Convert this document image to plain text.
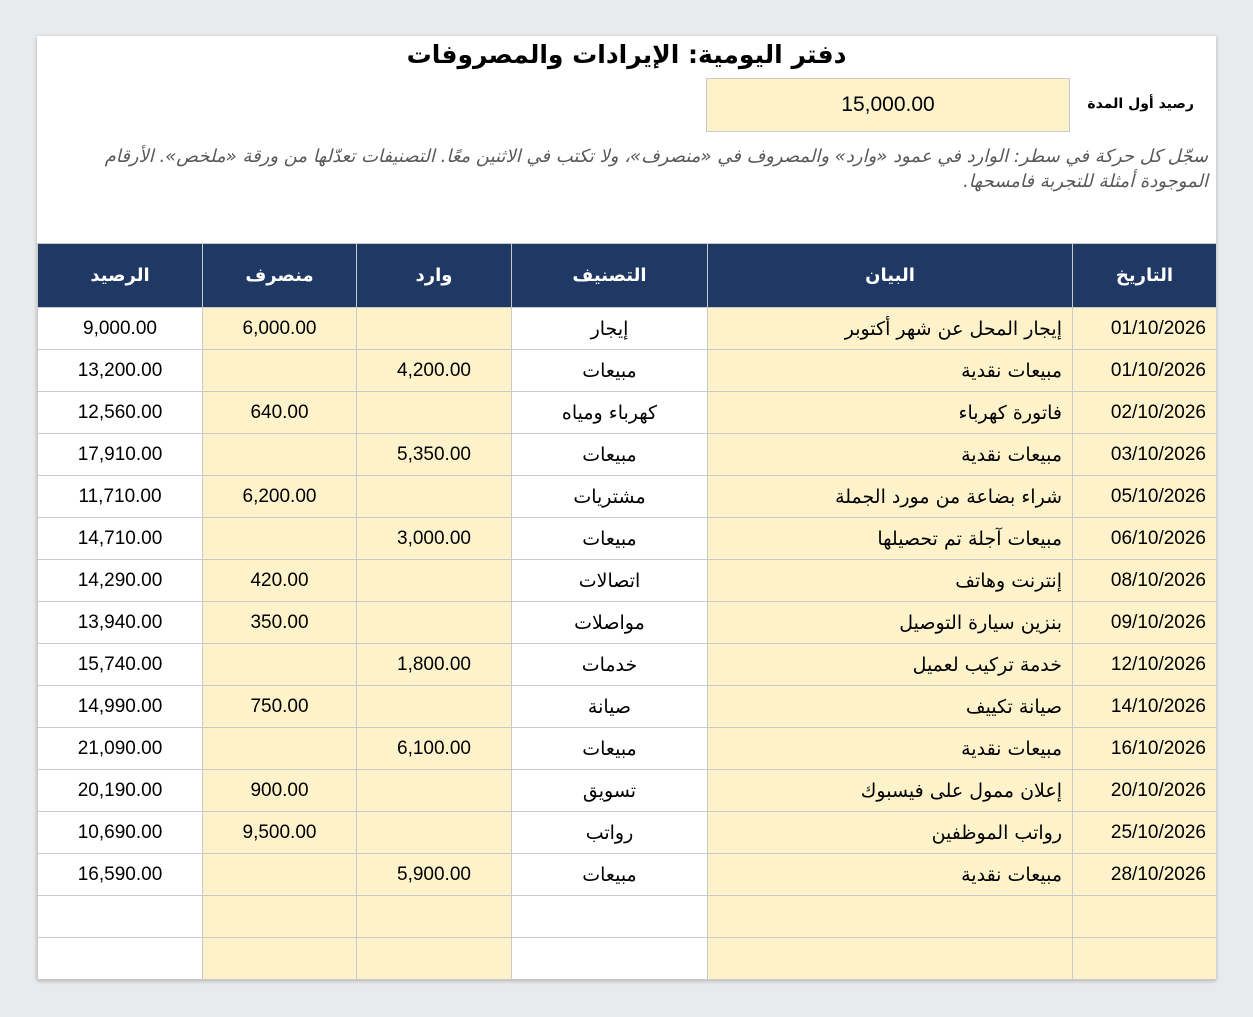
دفتر اليومية: الإيرادات والمصروفات
رصيد أول المدة
15,000.00
سجّل كل حركة في سطر: الوارد في عمود «وارد» والمصروف في «منصرف»، ولا تكتب في الاثنين معًا. التصنيفات تعدّلها من ورقة «ملخص». الأرقام الموجودة أمثلة للتجربة فامسحها.
التاريخ	البيان	التصنيف	وارد	منصرف	الرصيد
01/10/2026	إيجار المحل عن شهر أكتوبر	إيجار		6,000.00	9,000.00
01/10/2026	مبيعات نقدية	مبيعات	4,200.00		13,200.00
02/10/2026	فاتورة كهرباء	كهرباء ومياه		640.00	12,560.00
03/10/2026	مبيعات نقدية	مبيعات	5,350.00		17,910.00
05/10/2026	شراء بضاعة من مورد الجملة	مشتريات		6,200.00	11,710.00
06/10/2026	مبيعات آجلة تم تحصيلها	مبيعات	3,000.00		14,710.00
08/10/2026	إنترنت وهاتف	اتصالات		420.00	14,290.00
09/10/2026	بنزين سيارة التوصيل	مواصلات		350.00	13,940.00
12/10/2026	خدمة تركيب لعميل	خدمات	1,800.00		15,740.00
14/10/2026	صيانة تكييف	صيانة		750.00	14,990.00
16/10/2026	مبيعات نقدية	مبيعات	6,100.00		21,090.00
20/10/2026	إعلان ممول على فيسبوك	تسويق		900.00	20,190.00
25/10/2026	رواتب الموظفين	رواتب		9,500.00	10,690.00
28/10/2026	مبيعات نقدية	مبيعات	5,900.00		16,590.00
